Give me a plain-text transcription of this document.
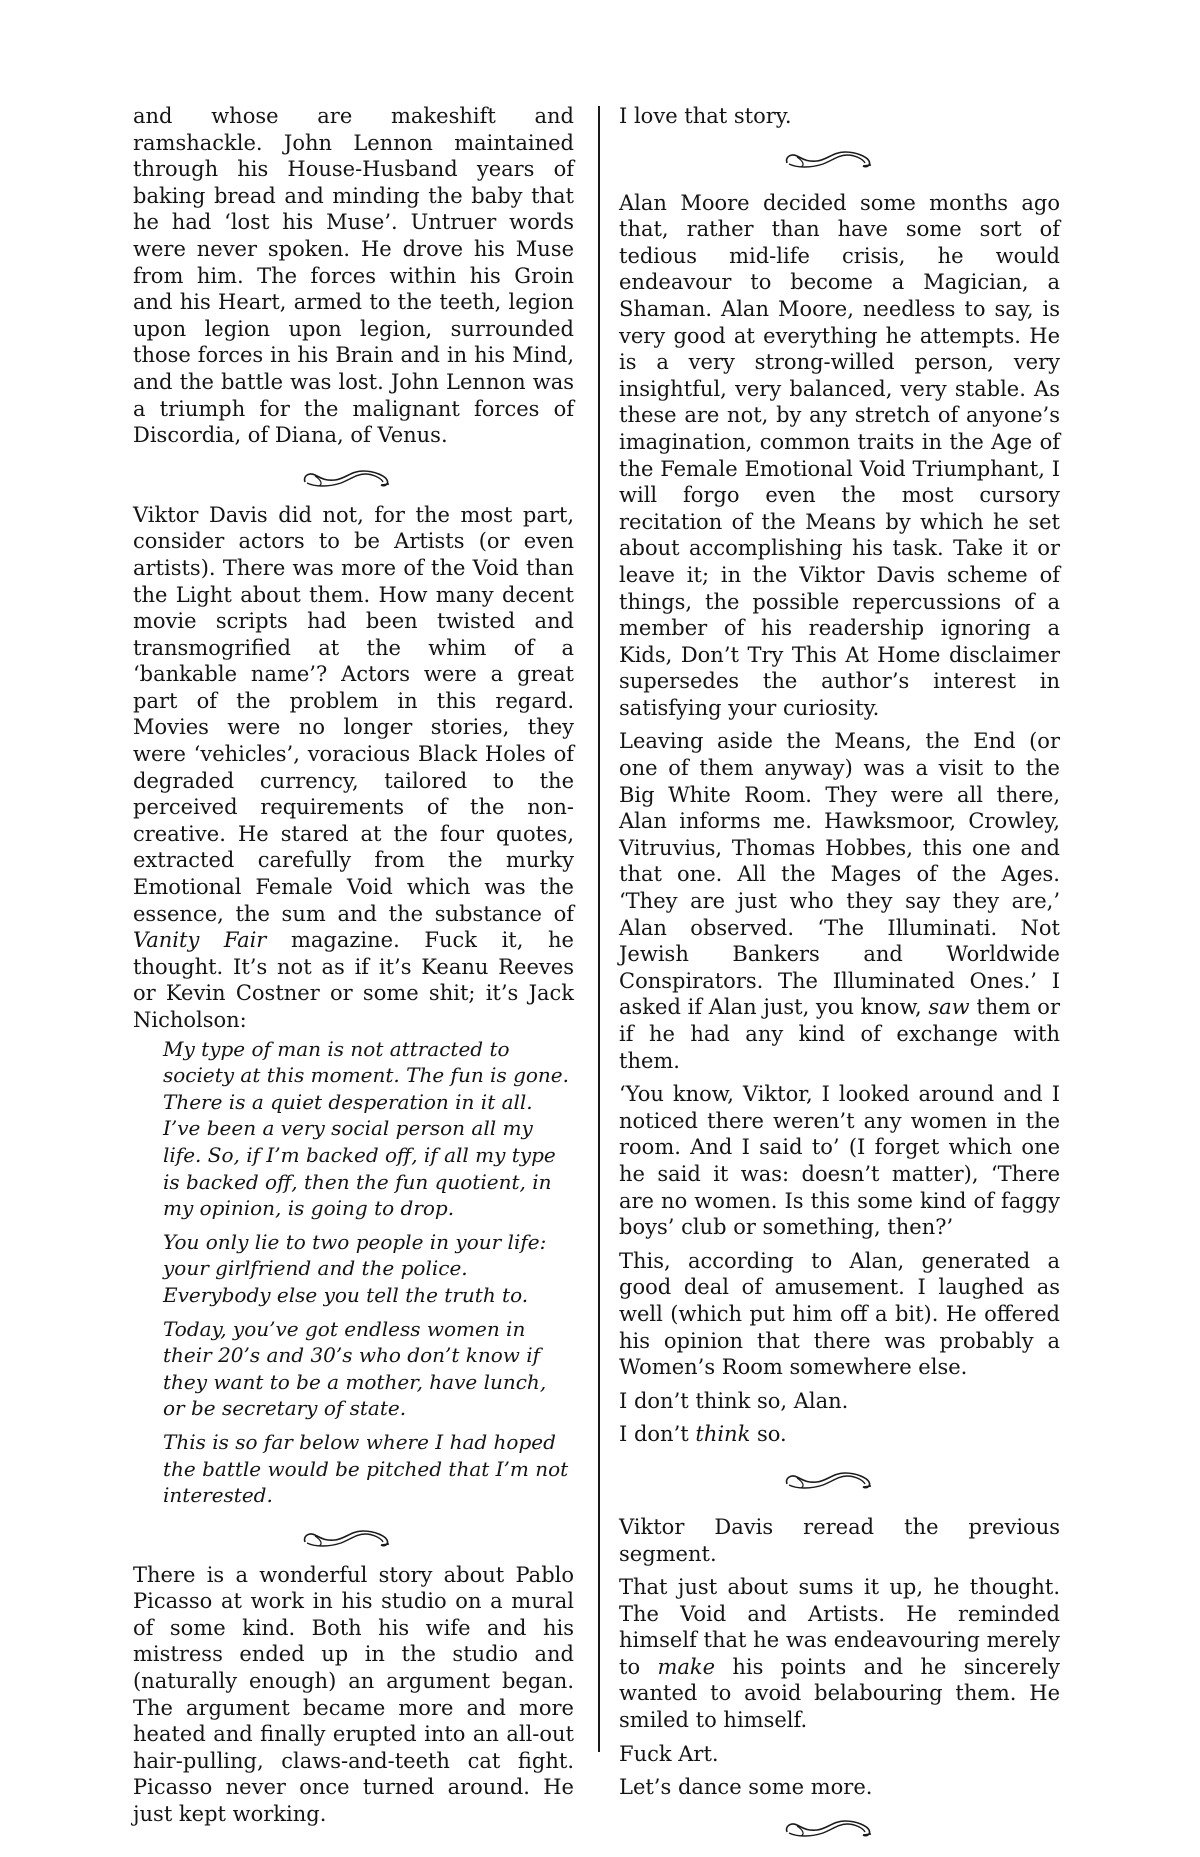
and whose are makeshift and ramshackle. John Lennon maintained through his House-Husband years of baking bread and minding the baby that he had ‘lost his Muse’. Untruer words were never spoken. He drove his Muse from him. The forces within his Groin and his Heart, armed to the teeth, legion upon legion upon legion, surrounded those forces in his Brain and in his Mind, and the battle was lost. John Lennon was a triumph for the malignant forces of Discordia, of Diana, of Venus.

Viktor Davis did not, for the most part, consider actors to be Artists (or even artists). There was more of the Void than the Light about them. How many decent movie scripts had been twisted and transmogrified at the whim of a ‘bankable name’? Actors were a great part of the problem in this regard. Movies were no longer stories, they were ‘vehicles’, voracious Black Holes of degraded currency, tailored to the perceived requirements of the non-creative. He stared at the four quotes, extracted carefully from the murky Emotional Female Void which was the essence, the sum and the substance of Vanity Fair magazine. Fuck it, he thought. It’s not as if it’s Keanu Reeves or Kevin Costner or some shit; it’s Jack Nicholson:

My type of man is not attracted to society at this moment. The fun is gone. There is a quiet desperation in it all. I’ve been a very social person all my life. So, if I’m backed off, if all my type is backed off, then the fun quotient, in my opinion, is going to drop.

You only lie to two people in your life: your girlfriend and the police. Everybody else you tell the truth to.

Today, you’ve got endless women in their 20’s and 30’s who don’t know if they want to be a mother, have lunch, or be secretary of state.

This is so far below where I had hoped the battle would be pitched that I’m not interested.

There is a wonderful story about Pablo Picasso at work in his studio on a mural of some kind. Both his wife and his mistress ended up in the studio and (naturally enough) an argument began. The argument became more and more heated and finally erupted into an all-out hair-pulling, claws-and-teeth cat fight. Picasso never once turned around. He just kept working.

I love that story.

Alan Moore decided some months ago that, rather than have some sort of tedious mid-life crisis, he would endeavour to become a Magician, a Shaman. Alan Moore, needless to say, is very good at everything he attempts. He is a very strong-willed person, very insightful, very balanced, very stable. As these are not, by any stretch of anyone’s imagination, common traits in the Age of the Female Emotional Void Triumphant, I will forgo even the most cursory recitation of the Means by which he set about accomplishing his task. Take it or leave it; in the Viktor Davis scheme of things, the possible repercussions of a member of his readership ignoring a Kids, Don’t Try This At Home disclaimer supersedes the author’s interest in satisfying your curiosity.

Leaving aside the Means, the End (or one of them anyway) was a visit to the Big White Room. They were all there, Alan informs me. Hawksmoor, Crowley, Vitruvius, Thomas Hobbes, this one and that one. All the Mages of the Ages. ‘They are just who they say they are,’ Alan observed. ‘The Illuminati. Not Jewish Bankers and Worldwide Conspirators. The Illuminated Ones.’ I asked if Alan just, you know, saw them or if he had any kind of exchange with them.

‘You know, Viktor, I looked around and I noticed there weren’t any women in the room. And I said to’ (I forget which one he said it was: doesn’t matter), ‘There are no women. Is this some kind of faggy boys’ club or something, then?’

This, according to Alan, generated a good deal of amusement. I laughed as well (which put him off a bit). He offered his opinion that there was probably a Women’s Room somewhere else.

I don’t think so, Alan.

I don’t think so.

Viktor Davis reread the previous segment.

That just about sums it up, he thought. The Void and Artists. He reminded himself that he was endeavouring merely to make his points and he sincerely wanted to avoid belabouring them. He smiled to himself.

Fuck Art.

Let’s dance some more.
